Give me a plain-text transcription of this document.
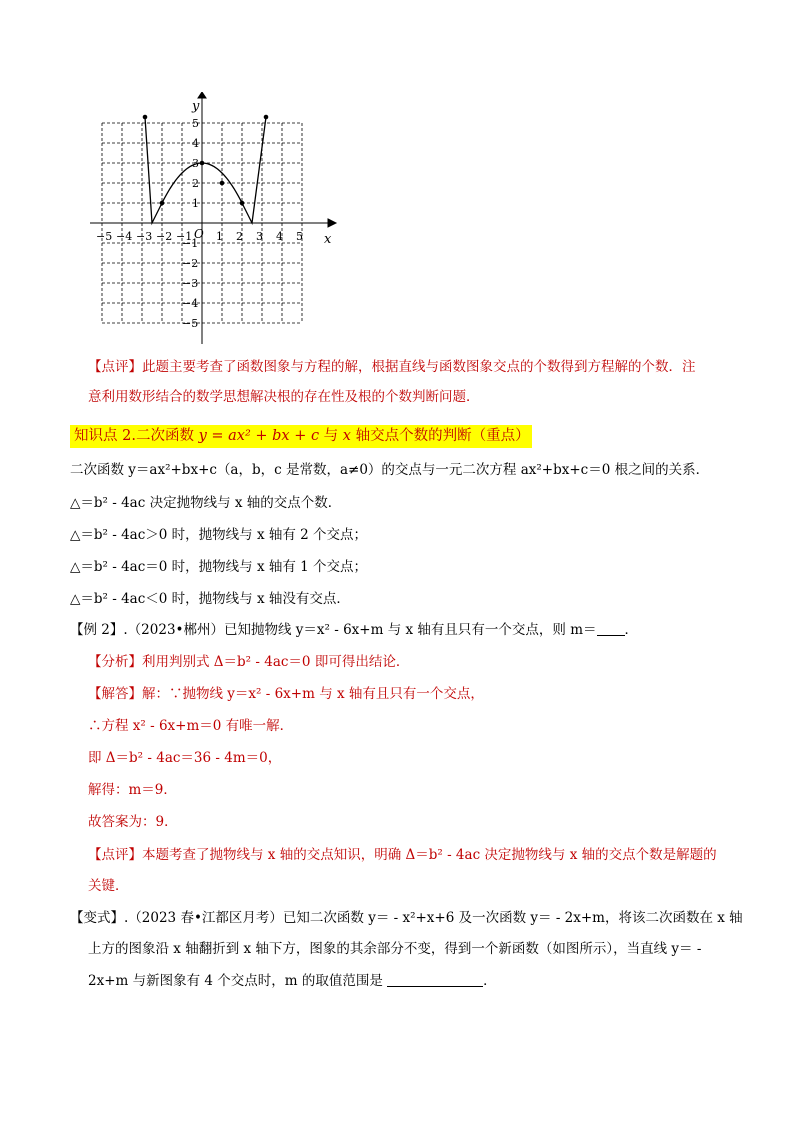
x
y
O
−5 −4 −3 −2 −1 1 2 3 4 5
5
4
3
2
1
−1
−2
−3
−4
−5
【点评】此题主要考查了函数图象与方程的解，根据直线与函数图象交点的个数得到方程解的个数．注
意利用数形结合的数学思想解决根的存在性及根的个数判断问题．
知识点 2.二次函数 y = ax² + bx + c 与 x 轴交点个数的判断（重点）
二次函数 y＝ax²+bx+c（a，b，c 是常数，a≠0）的交点与一元二次方程 ax²+bx+c＝0 根之间的关系．
△＝b² - 4ac 决定抛物线与 x 轴的交点个数．
△＝b² - 4ac＞0 时，抛物线与 x 轴有 2 个交点；
△＝b² - 4ac＝0 时，抛物线与 x 轴有 1 个交点；
△＝b² - 4ac＜0 时，抛物线与 x 轴没有交点．
【例 2】.（2023•郴州）已知抛物线 y＝x² - 6x+m 与 x 轴有且只有一个交点，则 m＝ ．
【分析】利用判别式 Δ＝b² - 4ac＝0 即可得出结论．
【解答】解：∵抛物线 y＝x² - 6x+m 与 x 轴有且只有一个交点，
∴方程 x² - 6x+m＝0 有唯一解．
即 Δ＝b² - 4ac＝36 - 4m＝0，
解得：m＝9．
故答案为：9．
【点评】本题考查了抛物线与 x 轴的交点知识，明确 Δ＝b² - 4ac 决定抛物线与 x 轴的交点个数是解题的
关键．
【变式】.（2023 春•江都区月考）已知二次函数 y＝ - x²+x+6 及一次函数 y＝ - 2x+m，将该二次函数在 x 轴
上方的图象沿 x 轴翻折到 x 轴下方，图象的其余部分不变，得到一个新函数（如图所示），当直线 y＝ -
2x+m 与新图象有 4 个交点时，m 的取值范围是	．
